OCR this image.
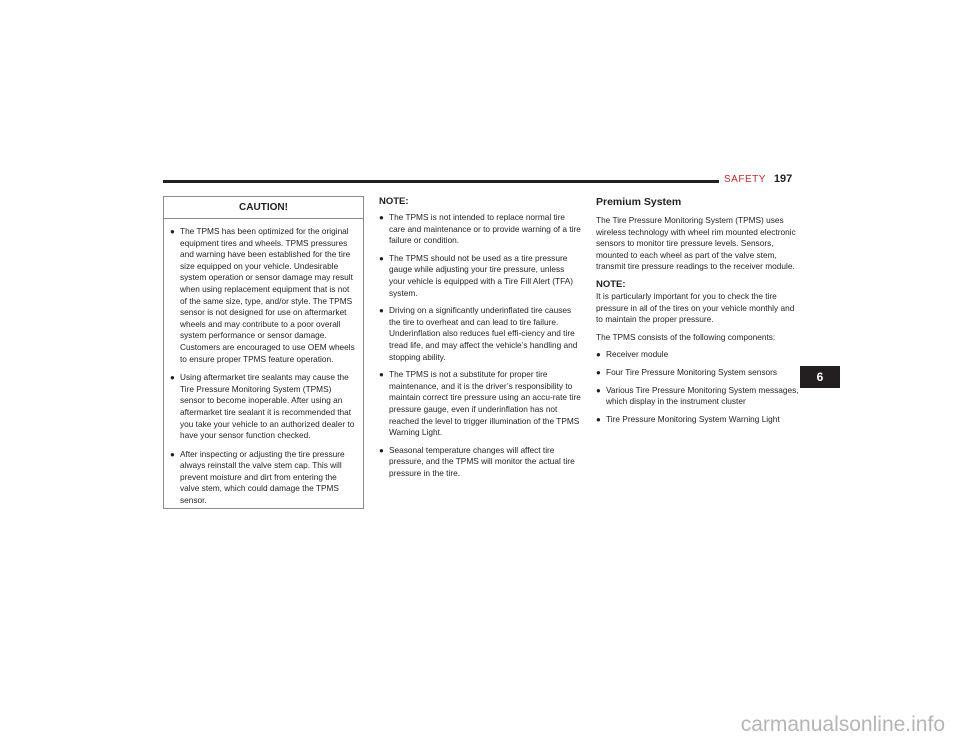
SAFETY 197
CAUTION!
● The TPMS has been optimized for the original equipment tires and wheels. TPMS pressures and warning have been established for the tire size equipped on your vehicle. Undesirable system operation or sensor damage may result when using replacement equipment that is not of the same size, type, and/or style. The TPMS sensor is not designed for use on aftermarket wheels and may contribute to a poor overall system performance or sensor damage. Customers are encouraged to use OEM wheels to ensure proper TPMS feature operation.
● Using aftermarket tire sealants may cause the Tire Pressure Monitoring System (TPMS) sensor to become inoperable. After using an aftermarket tire sealant it is recommended that you take your vehicle to an authorized dealer to have your sensor function checked.
● After inspecting or adjusting the tire pressure always reinstall the valve stem cap. This will prevent moisture and dirt from entering the valve stem, which could damage the TPMS sensor.

NOTE:

● The TPMS is not intended to replace normal tire care and maintenance or to provide warning of a tire failure or condition.
● The TPMS should not be used as a tire pressure gauge while adjusting your tire pressure, unless your vehicle is equipped with a Tire Fill Alert (TFA) system.
● Driving on a significantly underinflated tire causes the tire to overheat and can lead to tire failure. Underinflation also reduces fuel effi-ciency and tire tread life, and may affect the vehicle’s handling and stopping ability.
● The TPMS is not a substitute for proper tire maintenance, and it is the driver’s responsibility to maintain correct tire pressure using an accu-rate tire pressure gauge, even if underinflation has not reached the level to trigger illumination of the TPMS Warning Light.
● Seasonal temperature changes will affect tire pressure, and the TPMS will monitor the actual tire pressure in the tire.
Premium System

The Tire Pressure Monitoring System (TPMS) uses wireless technology with wheel rim mounted electronic sensors to monitor tire pressure levels. Sensors, mounted to each wheel as part of the valve stem, transmit tire pressure readings to the receiver module.

NOTE:

It is particularly important for you to check the tire pressure in all of the tires on your vehicle monthly and to maintain the proper pressure.

The TPMS consists of the following components:

● Receiver module
● Four Tire Pressure Monitoring System sensors
● Various Tire Pressure Monitoring System messages, which display in the instrument cluster
● Tire Pressure Monitoring System Warning Light
6
carmanualsonline.info
